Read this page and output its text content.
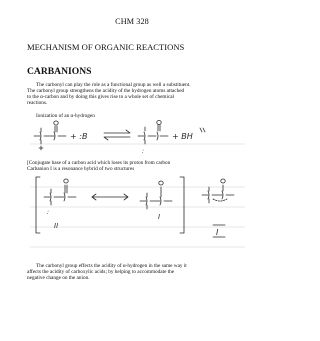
CHM 328
MECHANISM OF ORGANIC REACTIONS
CARBANIONS

The carbonyl can play the role as a functional group as well a substituent.
The carbonyl group strengthens the acidity of the hydrogen atoms attached
to the α-carbon and by doing this gives rise to a whole set of chemical
reactions.

Ionization of an α-hydrogen
+ :B
:
+ BH
[Conjugate base of a carbon acid which loses its proton from carbon
Carbanion I is a resonance hybrid of two structures
:
II
I
I

The carbonyl group effects the acidity of α-hydrogen in the same way it
affects the acidity of carboxylic acids; by helping to accommodate the
negative change on the anion.
